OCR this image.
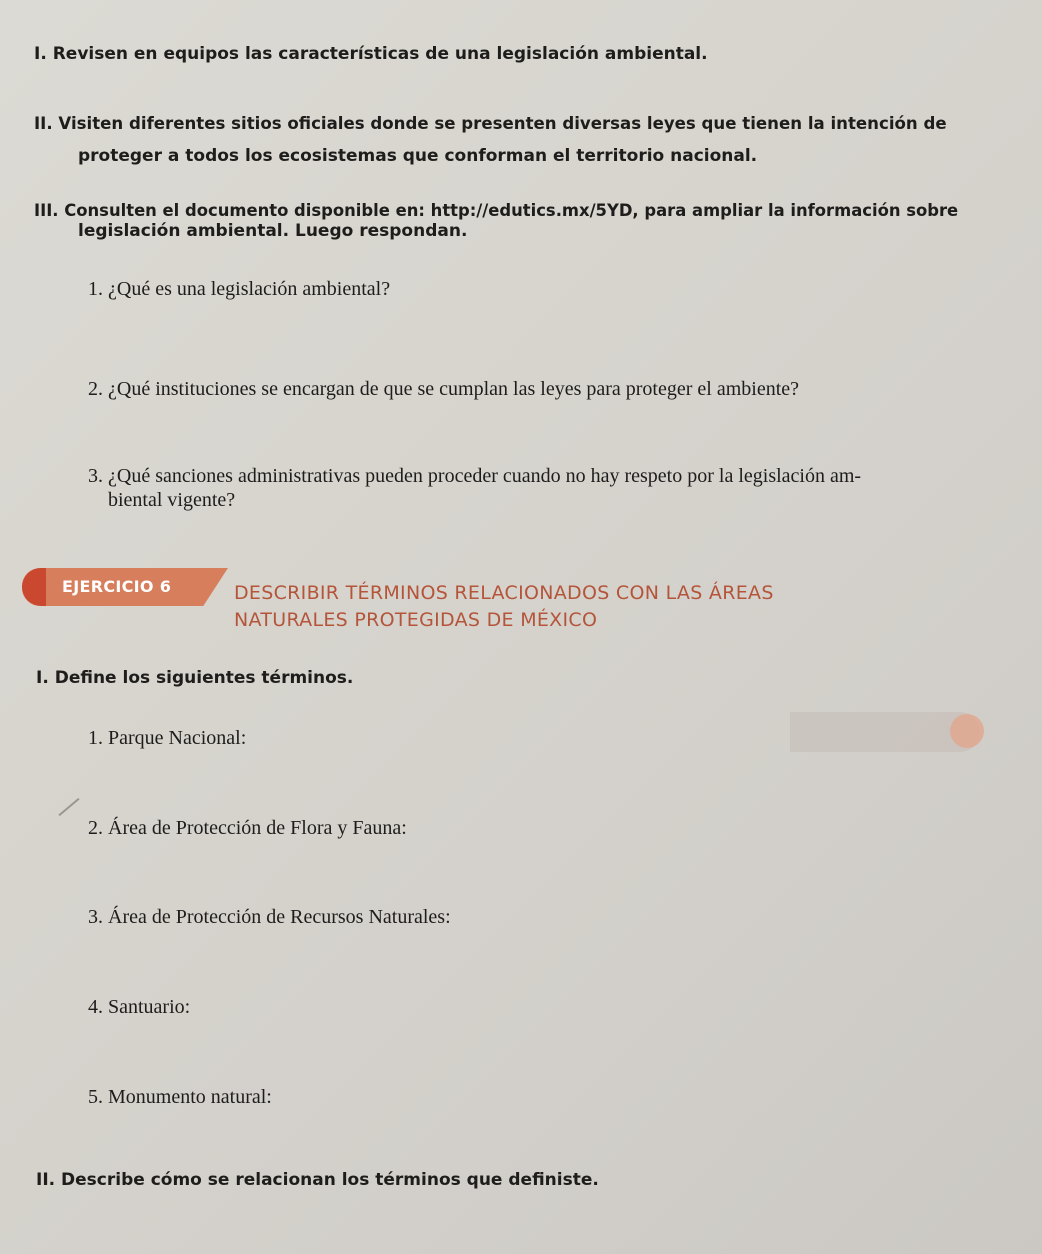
I. Revisen en equipos las características de una legislación ambiental.
II. Visiten diferentes sitios oficiales donde se presenten diversas leyes que tienen la intención de
proteger a todos los ecosistemas que conforman el territorio nacional.
III. Consulten el documento disponible en: http://edutics.mx/5YD, para ampliar la información sobre
legislación ambiental. Luego respondan.
1. ¿Qué es una legislación ambiental?
2. ¿Qué instituciones se encargan de que se cumplan las leyes para proteger el ambiente?
3. ¿Qué sanciones administrativas pueden proceder cuando no hay respeto por la legislación am-
biental vigente?
EJERCICIO 6	DESCRIBIR TÉRMINOS RELACIONADOS CON LAS ÁREAS
NATURALES PROTEGIDAS DE MÉXICO
I. Define los siguientes términos.
1. Parque Nacional:
2. Área de Protección de Flora y Fauna:
3. Área de Protección de Recursos Naturales:
4. Santuario:
5. Monumento natural:
II. Describe cómo se relacionan los términos que definiste.
